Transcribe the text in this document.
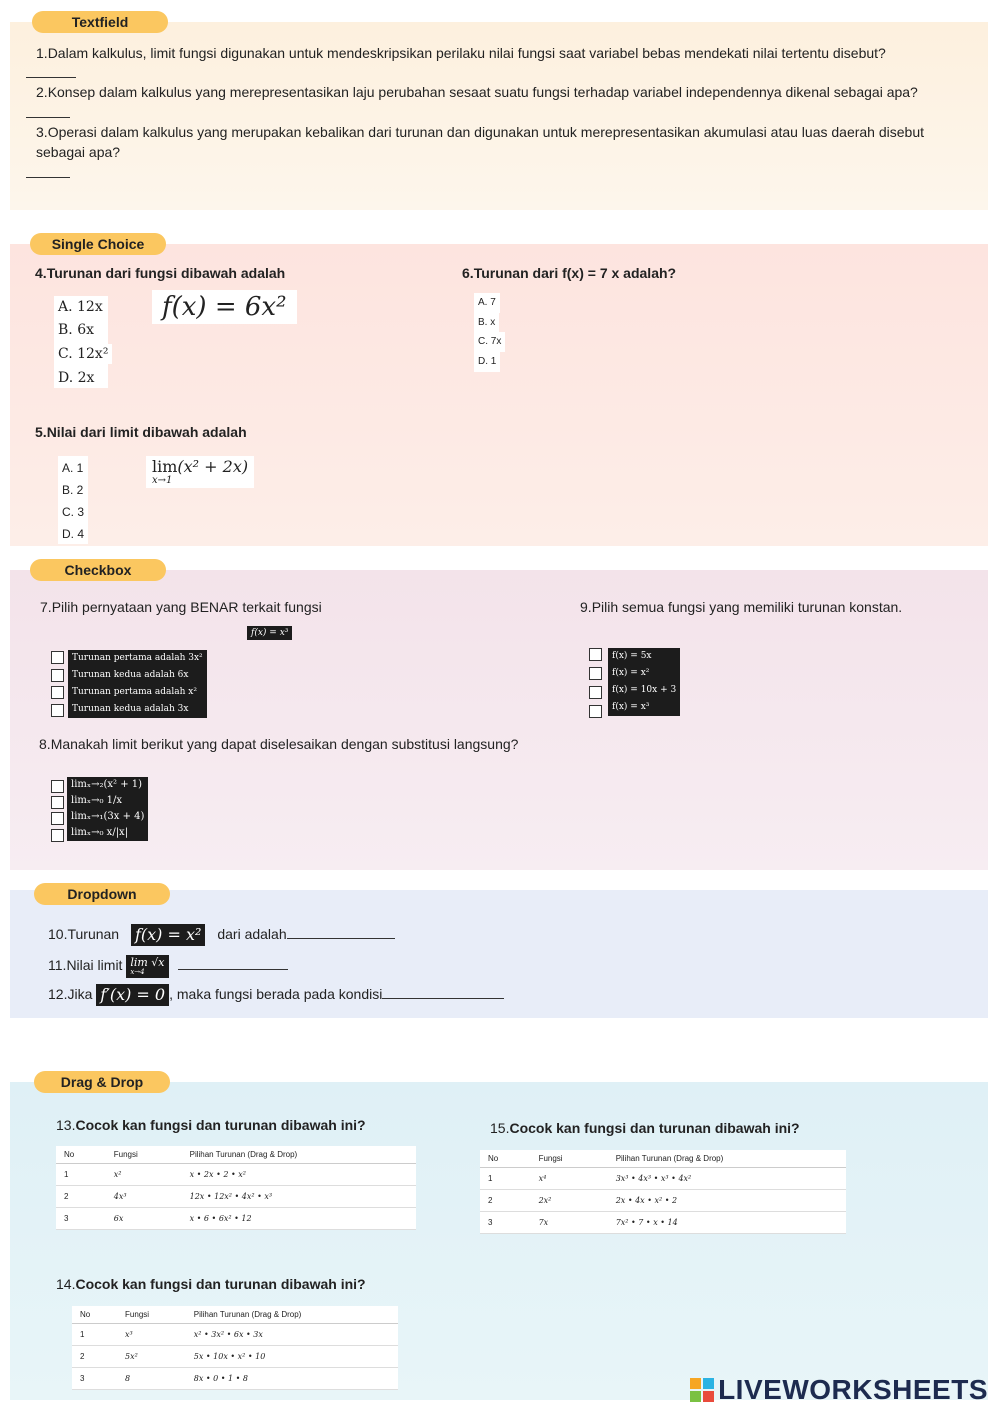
Textfield
Single Choice
Checkbox
Dropdown
Drag & Drop
1.Dalam kalkulus, limit fungsi digunakan untuk mendeskripsikan perilaku nilai fungsi saat variabel bebas mendekati nilai tertentu disebut?
2.Konsep dalam kalkulus yang merepresentasikan laju perubahan sesaat suatu fungsi terhadap variabel independennya dikenal sebagai apa?
3.Operasi dalam kalkulus yang merupakan kebalikan dari turunan dan digunakan untuk merepresentasikan akumulasi atau luas daerah disebut sebagai apa?
4.Turunan dari fungsi dibawah adalah
f(x) = 6x²
A. 12x
B. 6x
C. 12x²
D. 2x
6.Turunan dari f(x) = 7 x adalah?
A. 7
B. x
C. 7x
D. 1
5.Nilai dari limit dibawah adalah
lim(x² + 2x)
x→1
A. 1
B. 2
C. 3
D. 4
7.Pilih pernyataan yang BENAR terkait fungsi
f(x) = x³
Turunan pertama adalah 3x²
Turunan kedua adalah 6x
Turunan pertama adalah x²
Turunan kedua adalah 3x
9.Pilih semua fungsi yang memiliki turunan konstan.
f(x) = 5x
f(x) = x²
f(x) = 10x + 3
f(x) = x³
8.Manakah limit berikut yang dapat diselesaikan dengan substitusi langsung?
limₓ→₂(x² + 1)
limₓ→₀ 1/x
limₓ→₁(3x + 4)
limₓ→₀ x/|x|
10.Turunan f(x) = x² dari adalah
11.Nilai limit lim √x
x→4

12.Jika f′(x) = 0 , maka fungsi berada pada kondisi
13.Cocok kan fungsi dan turunan dibawah ini?
No	Fungsi	Pilihan Turunan (Drag & Drop)
1	x²	x • 2x • 2 • x²
2	4x³	12x • 12x² • 4x² • x³
3	6x	x • 6 • 6x² • 12
15.Cocok kan fungsi dan turunan dibawah ini?
No	Fungsi	Pilihan Turunan (Drag & Drop)
1	x⁴	3x³ • 4x³ • x³ • 4x²
2	2x²	2x • 4x • x² • 2
3	7x	7x² • 7 • x • 14
14.Cocok kan fungsi dan turunan dibawah ini?
No	Fungsi	Pilihan Turunan (Drag & Drop)
1	x³	x² • 3x² • 6x • 3x
2	5x²	5x • 10x • x² • 10
3	8	8x • 0 • 1 • 8	LIVEWORKSHEETS
